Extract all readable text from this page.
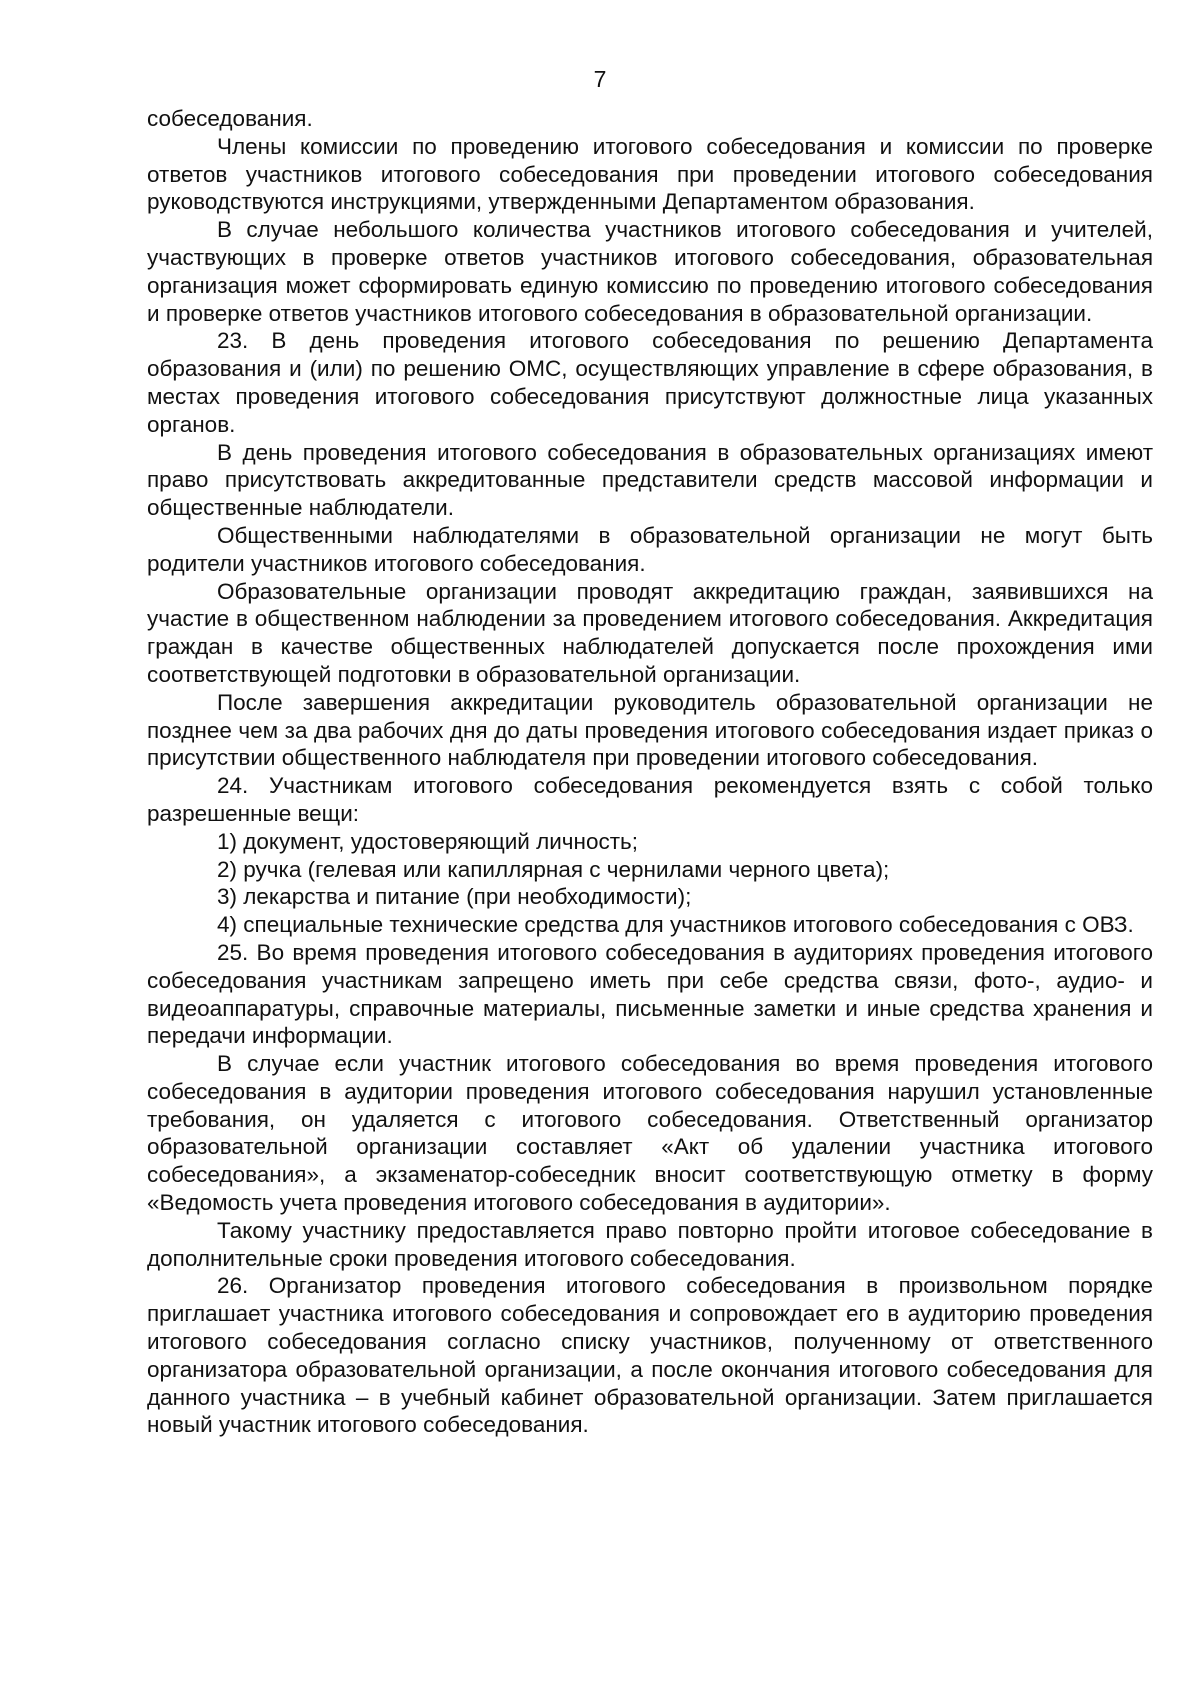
7

собеседования.

Члены комиссии по проведению итогового собеседования и комиссии по проверке ответов участников итогового собеседования при проведении итогового собеседования руководствуются инструкциями, утвержденными Департаментом образования.

В случае небольшого количества участников итогового собеседования и учителей, участвующих в проверке ответов участников итогового собеседования, образовательная организация может сформировать единую комиссию по проведению итогового собеседования и проверке ответов участников итогового собеседования в образовательной организации.

23. В день проведения итогового собеседования по решению Департамента образования и (или) по решению ОМС, осуществляющих управление в сфере образования, в местах проведения итогового собеседования присутствуют должностные лица указанных органов.

В день проведения итогового собеседования в образовательных организациях имеют право присутствовать аккредитованные представители средств массовой информации и общественные наблюдатели.

Общественными наблюдателями в образовательной организации не могут быть родители участников итогового собеседования.

Образовательные организации проводят аккредитацию граждан, заявившихся на участие в общественном наблюдении за проведением итогового собеседования. Аккредитация граждан в качестве общественных наблюдателей допускается после прохождения ими соответствующей подготовки в образовательной организации.

После завершения аккредитации руководитель образовательной организации не позднее чем за два рабочих дня до даты проведения итогового собеседования издает приказ о присутствии общественного наблюдателя при проведении итогового собеседования.

24. Участникам итогового собеседования рекомендуется взять с собой только разрешенные вещи:

1) документ, удостоверяющий личность;

2) ручка (гелевая или капиллярная с чернилами черного цвета);

3) лекарства и питание (при необходимости);

4) специальные технические средства для участников итогового собеседования с ОВЗ.

25. Во время проведения итогового собеседования в аудиториях проведения итогового собеседования участникам запрещено иметь при себе средства связи, фото-, аудио- и видеоаппаратуры, справочные материалы, письменные заметки и иные средства хранения и передачи информации.

В случае если участник итогового собеседования во время проведения итогового собеседования в аудитории проведения итогового собеседования нарушил установленные требования, он удаляется с итогового собеседования. Ответственный организатор образовательной организации составляет «Акт об удалении участника итогового собеседования», а экзаменатор-собеседник вносит соответствующую отметку в форму «Ведомость учета проведения итогового собеседования в аудитории».

Такому участнику предоставляется право повторно пройти итоговое собеседование в дополнительные сроки проведения итогового собеседования.

26. Организатор проведения итогового собеседования в произвольном порядке приглашает участника итогового собеседования и сопровождает его в аудиторию проведения итогового собеседования согласно списку участников, полученному от ответственного организатора образовательной организации, а после окончания итогового собеседования для данного участника – в учебный кабинет образовательной организации. Затем приглашается новый участник итогового собеседования.
